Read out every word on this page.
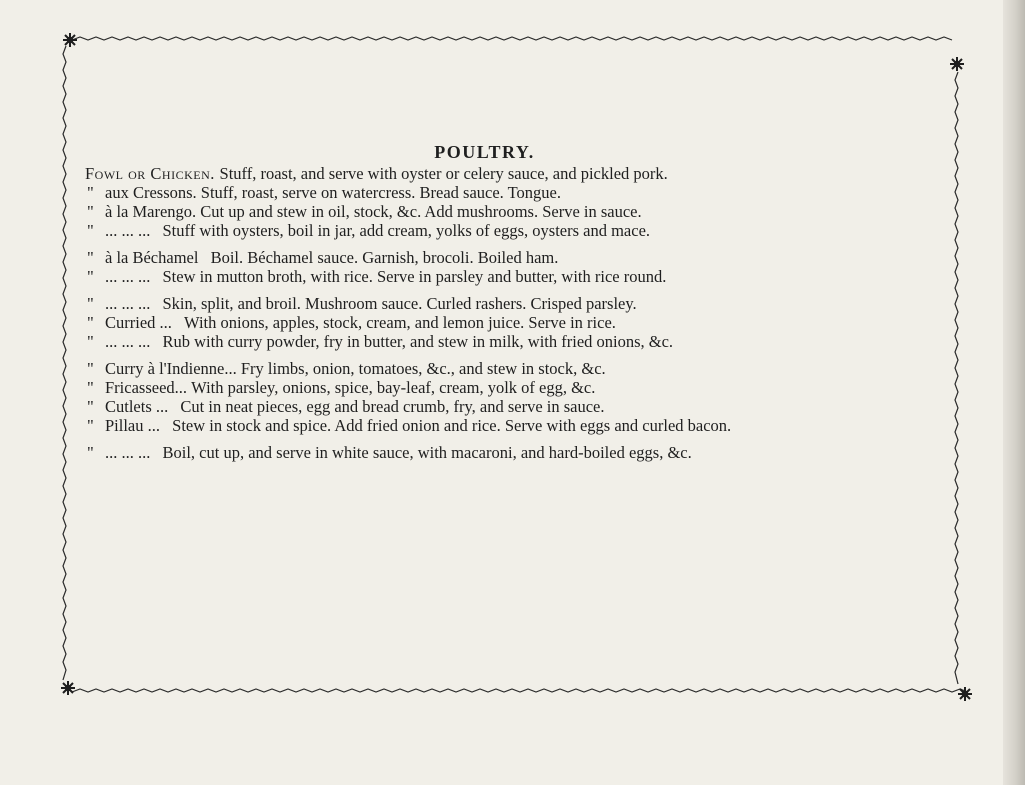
POULTRY.
Fowl or Chicken. Stuff, roast, and serve with oyster or celery sauce, and pickled pork.
" aux Cressons. Stuff, roast, serve on watercress. Bread sauce. Tongue.
" à la Marengo. Cut up and stew in oil, stock, &c. Add mushrooms. Serve in sauce.
" ... ... ... Stuff with oysters, boil in jar, add cream, yolks of eggs, oysters and mace.
" à la Béchamel Boil. Béchamel sauce. Garnish, brocoli. Boiled ham.
" ... ... ... Stew in mutton broth, with rice. Serve in parsley and butter, with rice round.
" ... ... ... Skin, split, and broil. Mushroom sauce. Curled rashers. Crisped parsley.
" Curried ... With onions, apples, stock, cream, and lemon juice. Serve in rice.
" ... ... ... Rub with curry powder, fry in butter, and stew in milk, with fried onions, &c.
" Curry à l'Indienne... Fry limbs, onion, tomatoes, &c., and stew in stock, &c.
" Fricasseed... With parsley, onions, spice, bay-leaf, cream, yolk of egg, &c.
" Cutlets ... Cut in neat pieces, egg and bread crumb, fry, and serve in sauce.
" Pillau ... Stew in stock and spice. Add fried onion and rice. Serve with eggs and curled bacon.
" ... ... ... Boil, cut up, and serve in white sauce, with macaroni, and hard-boiled eggs, &c.
